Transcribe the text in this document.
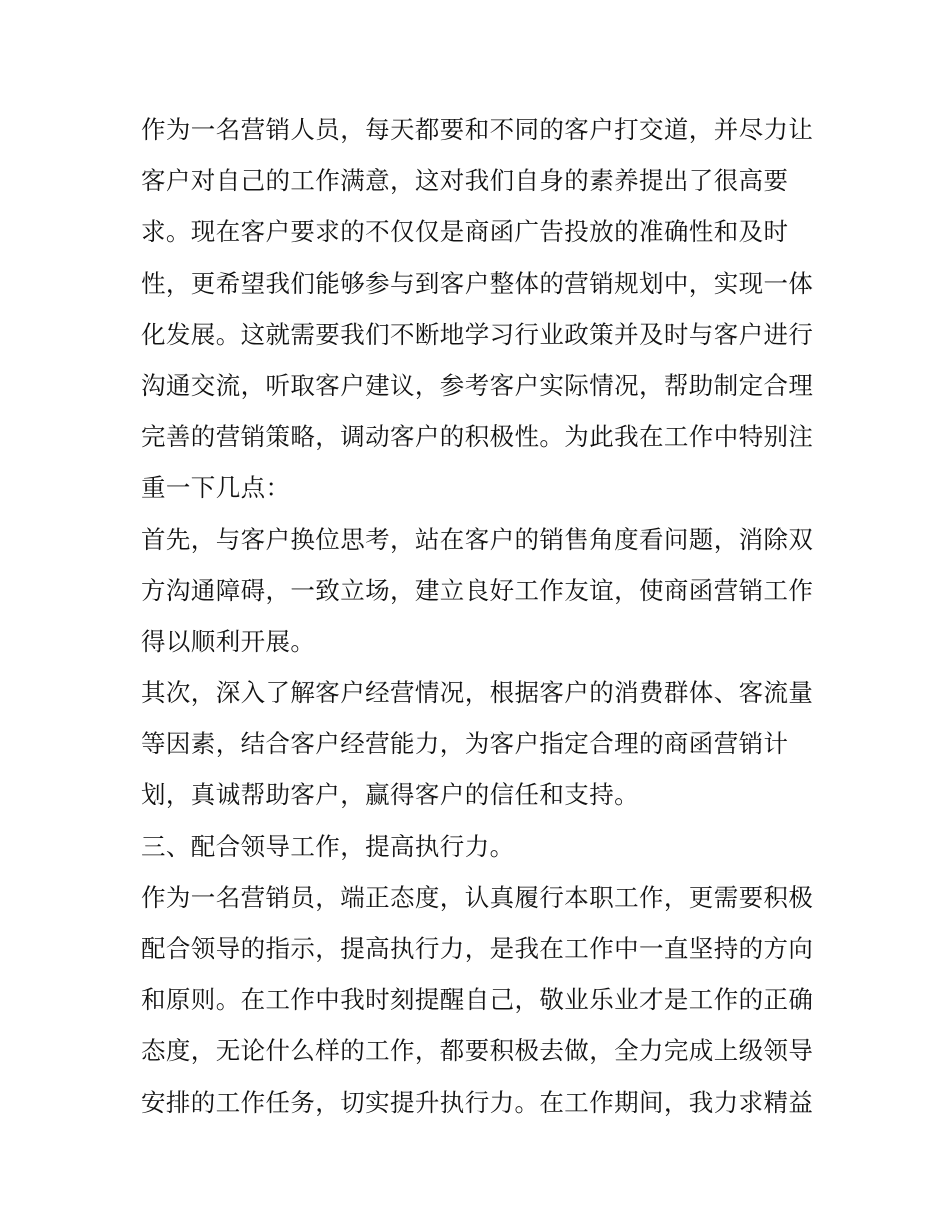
作为一名营销人员，每天都要和不同的客户打交道，并尽力让
客户对自己的工作满意，这对我们自身的素养提出了很高要
求。现在客户要求的不仅仅是商函广告投放的准确性和及时
性，更希望我们能够参与到客户整体的营销规划中，实现一体
化发展。这就需要我们不断地学习行业政策并及时与客户进行
沟通交流，听取客户建议，参考客户实际情况，帮助制定合理
完善的营销策略，调动客户的积极性。为此我在工作中特别注
重一下几点：
首先，与客户换位思考，站在客户的销售角度看问题，消除双
方沟通障碍，一致立场，建立良好工作友谊，使商函营销工作
得以顺利开展。
其次，深入了解客户经营情况，根据客户的消费群体、客流量
等因素，结合客户经营能力，为客户指定合理的商函营销计
划，真诚帮助客户，赢得客户的信任和支持。
三、配合领导工作，提高执行力。
作为一名营销员，端正态度，认真履行本职工作，更需要积极
配合领导的指示，提高执行力，是我在工作中一直坚持的方向
和原则。在工作中我时刻提醒自己，敬业乐业才是工作的正确
态度，无论什么样的工作，都要积极去做，全力完成上级领导
安排的工作任务，切实提升执行力。在工作期间，我力求精益
